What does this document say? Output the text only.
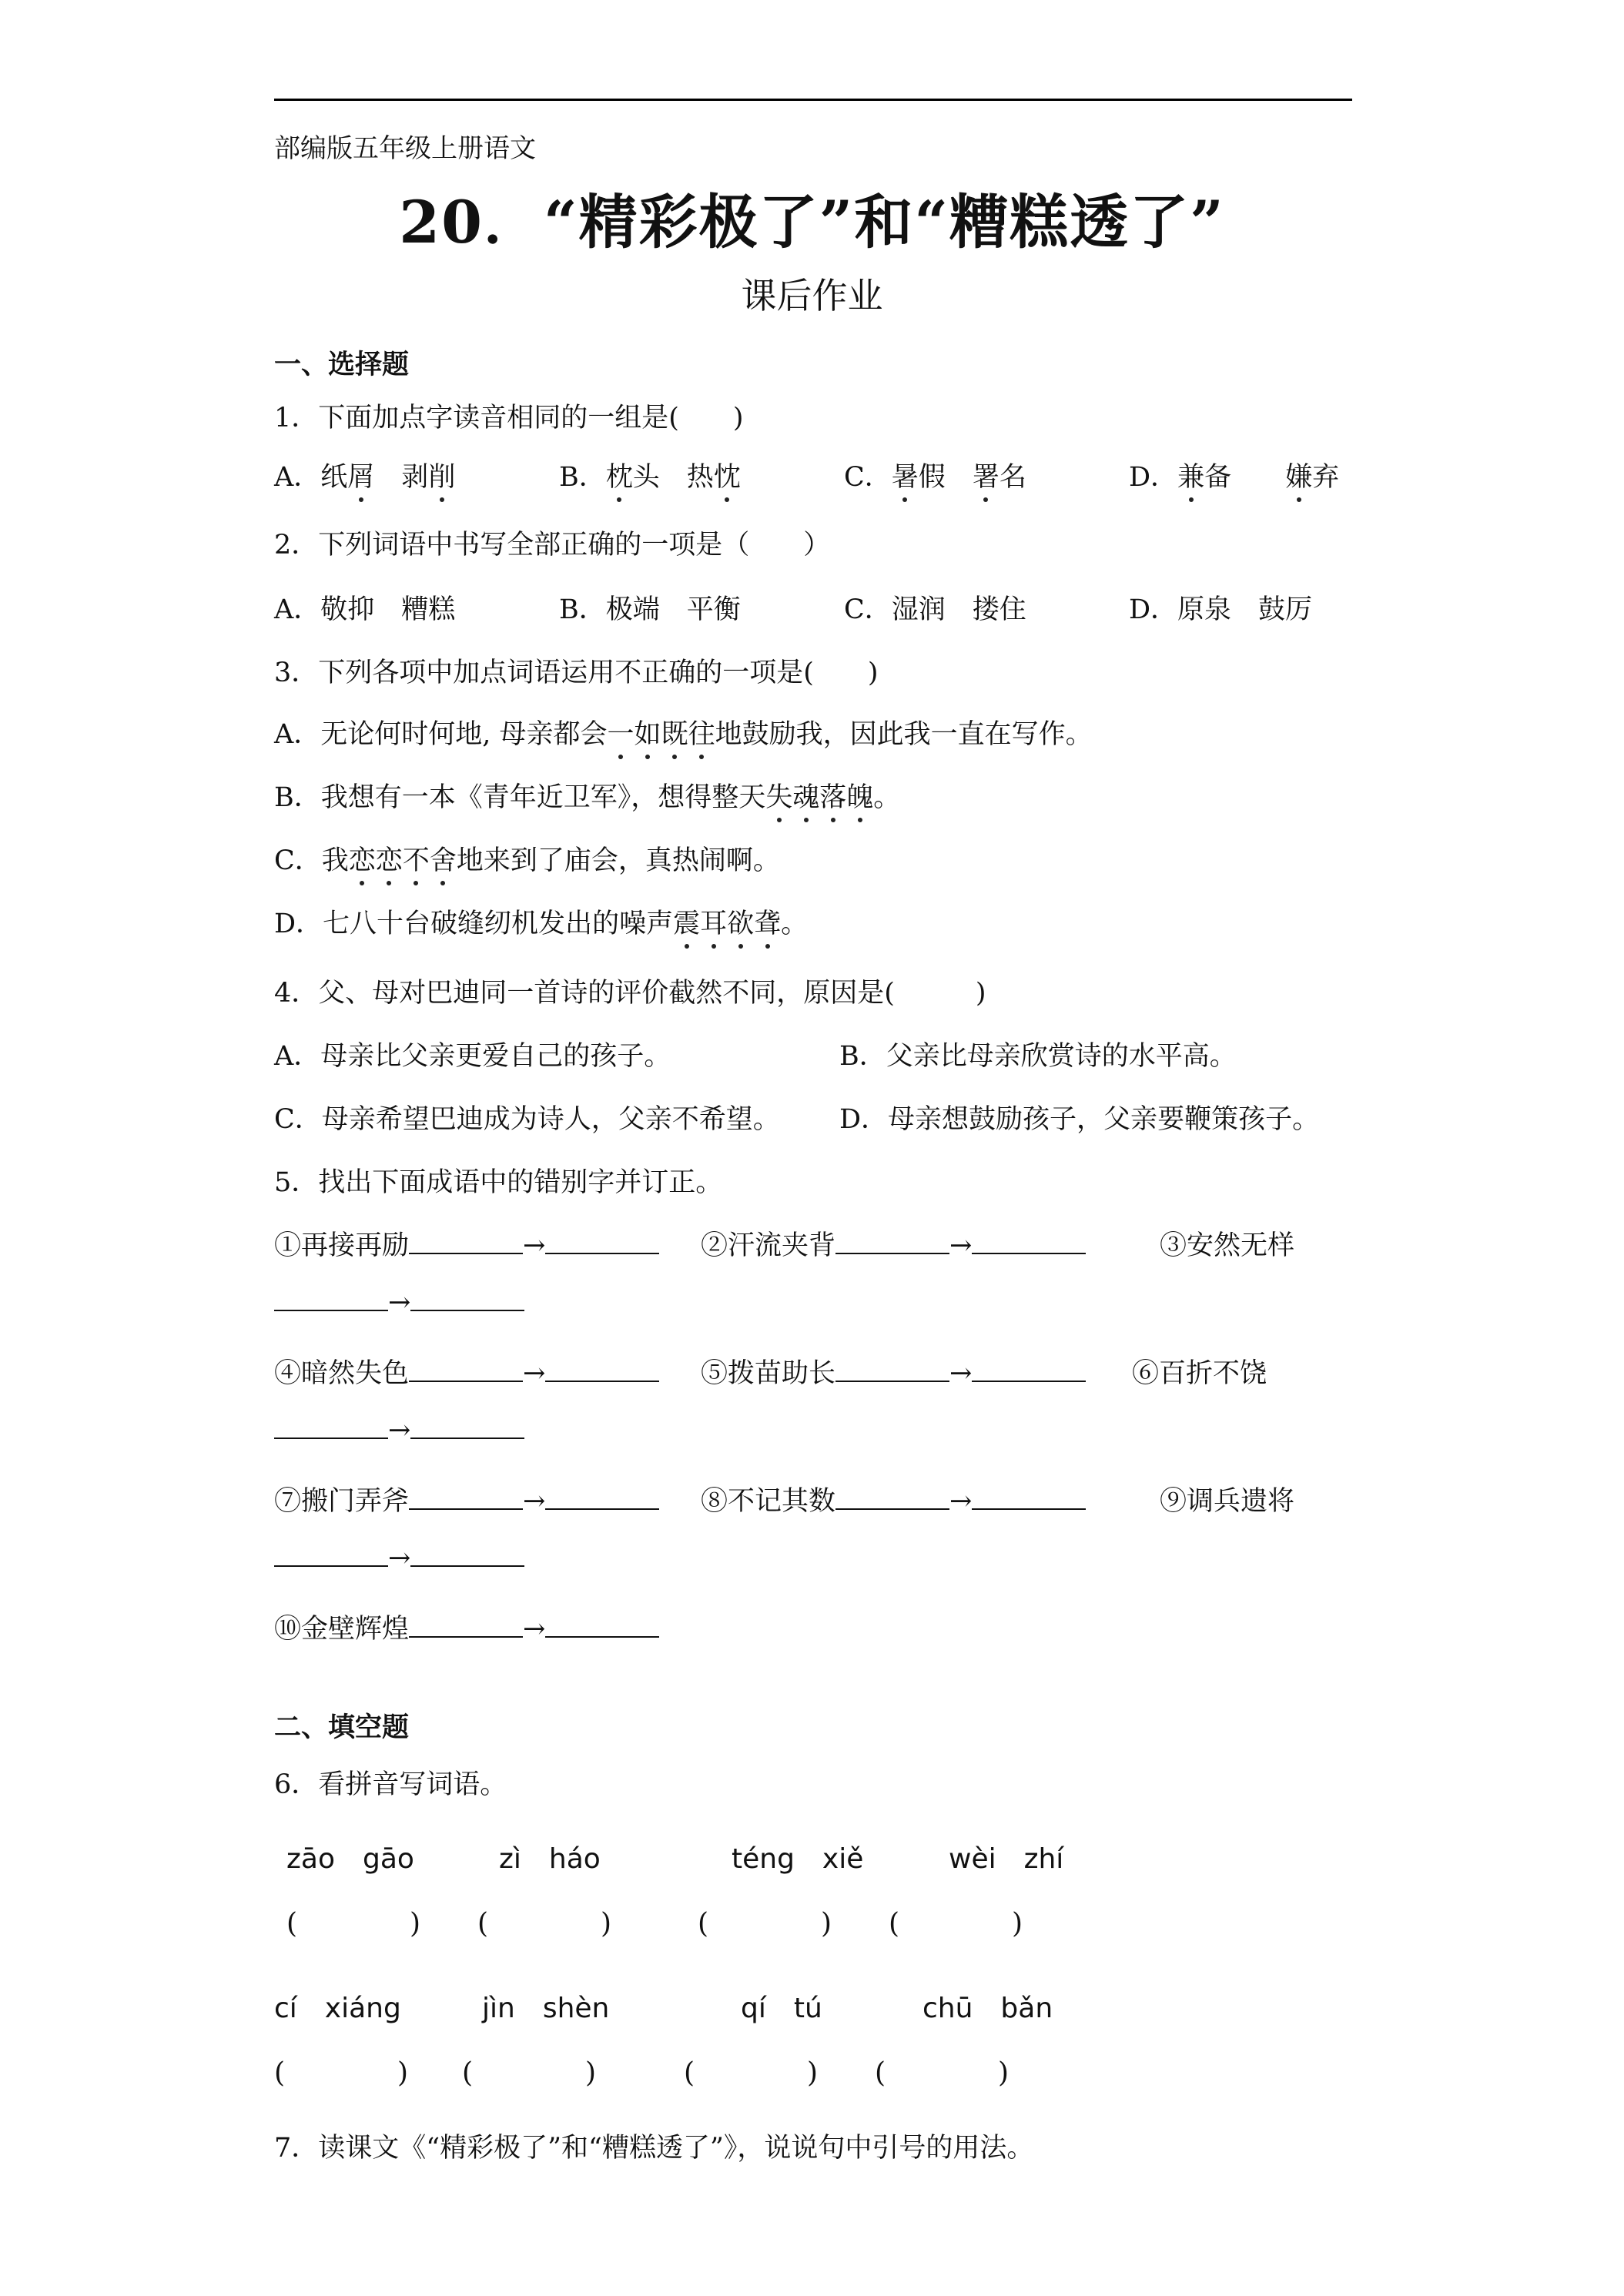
部编版五年级上册语文
20．“精彩极了”和“糟糕透了”
课后作业
一、选择题
1．下面加点字读音相同的一组是(　　)
A．纸屑　剥削	B．枕头　热忱	C．暑假　署名	D．兼备　　嫌弃
2．下列词语中书写全部正确的一项是（　　）
A．敬抑　糟糕	B．极端　平衡	C．湿润　搂住	D．原泉　鼓厉
3．下列各项中加点词语运用不正确的一项是(　　)
A．无论何时何地, 母亲都会一如既往地鼓励我，因此我一直在写作。
B．我想有一本《青年近卫军》，想得整天失魂落魄。
C．我恋恋不舍地来到了庙会，真热闹啊。
D．七八十台破缝纫机发出的噪声震耳欲聋。
4．父、母对巴迪同一首诗的评价截然不同，原因是(　　　)
A．母亲比父亲更爱自己的孩子。	B．父亲比母亲欣赏诗的水平高。
C．母亲希望巴迪成为诗人，父亲不希望。 D．母亲想鼓励孩子，父亲要鞭策孩子。
5．找出下面成语中的错别字并订正。
①再接再励	→	②汗流夹背	→	③安然无样
→
④暗然失色	→	⑤拨苗助长	→	⑥百折不饶
→
⑦搬门弄斧	→	⑧不记其数	→	⑨调兵遗将
→
⑩金壁辉煌	→
二、填空题
6．看拼音写词语。
zāo　gāo	zì　háo	téng　xiě	wèi　zhí
(	) (	)	(	) (	)
cí　xiáng	jìn　shèn	qí　tú	chū　bǎn
(	) (	)	(	) (	)
7．读课文《“精彩极了”和“糟糕透了”》，说说句中引号的用法。
